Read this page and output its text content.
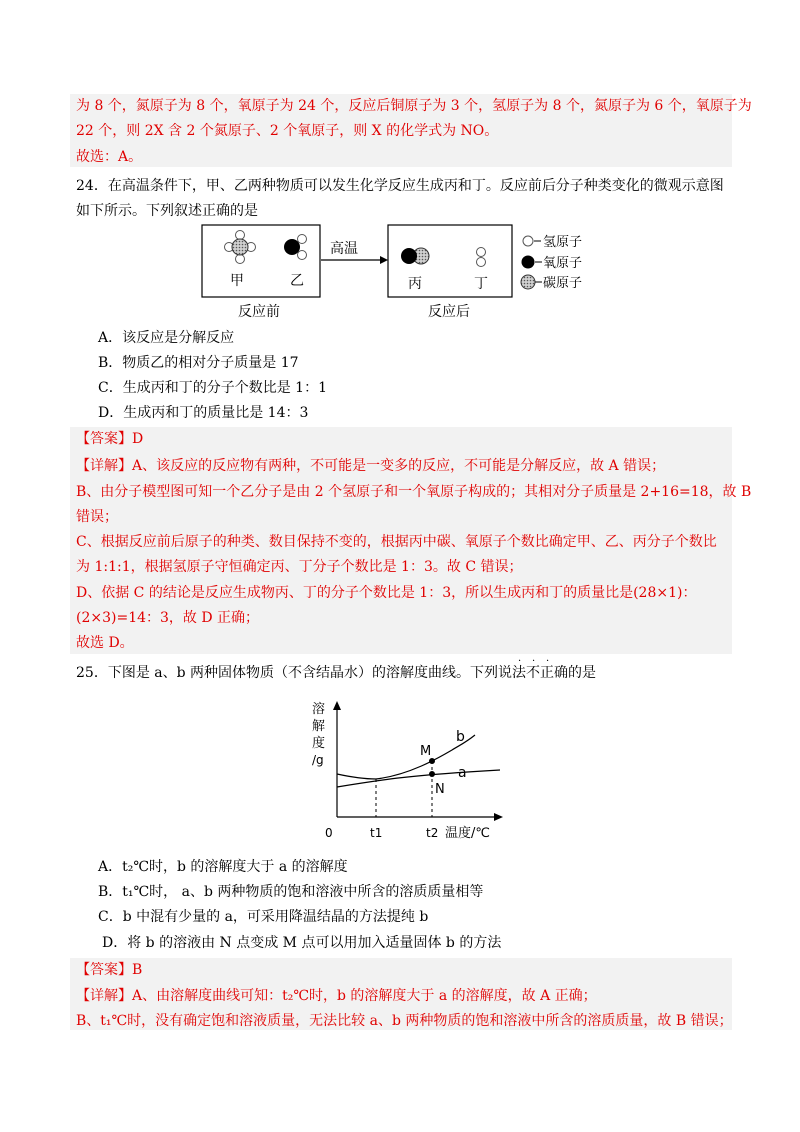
为 8 个，氮原子为 8 个，氧原子为 24 个，反应后铜原子为 3 个，氢原子为 8 个，氮原子为 6 个，氧原子为
22 个，则 2X 含 2 个氮原子、2 个氧原子，则 X 的化学式为 NO。
故选：A。
24．在高温条件下，甲、乙两种物质可以发生化学反应生成丙和丁。反应前后分子种类变化的微观示意图
如下所示。下列叙述正确的是
甲	乙
反应前
高温
丙	丁
反应后
氢原子
氧原子
碳原子
A．该反应是分解反应
B．物质乙的相对分子质量是 17
C．生成丙和丁的分子个数比是 1：1
D．生成丙和丁的质量比是 14：3
【答案】D
【详解】A、该反应的反应物有两种，不可能是一变多的反应，不可能是分解反应，故 A 错误；
B、由分子模型图可知一个乙分子是由 2 个氢原子和一个氧原子构成的；其相对分子质量是 2+16=18，故 B
错误；
C、根据反应前后原子的种类、数目保持不变的，根据丙中碳、氧原子个数比确定甲、乙、丙分子个数比
为 1:1:1，根据氢原子守恒确定丙、丁分子个数比是 1：3。故 C 错误；
D、依据 C 的结论是反应生成物丙、丁的分子个数比是 1：3，所以生成丙和丁的质量比是(28×1)：
(2×3)=14：3，故 D 正确；
故选 D。
· · ·
25．下图是 a、b 两种固体物质（不含结晶水）的溶解度曲线。下列说法不正确的是
溶
解
度
/g
b
a
M
N
0	t1	t2 温度/℃
A．t₂℃时，b 的溶解度大于 a 的溶解度
B．t₁℃时， a、b 两种物质的饱和溶液中所含的溶质质量相等
C．b 中混有少量的 a，可采用降温结晶的方法提纯 b
D．将 b 的溶液由 N 点变成 M 点可以用加入适量固体 b 的方法
【答案】B
【详解】A、由溶解度曲线可知：t₂℃时，b 的溶解度大于 a 的溶解度，故 A 正确；
B、t₁℃时，没有确定饱和溶液质量，无法比较 a、b 两种物质的饱和溶液中所含的溶质质量，故 B 错误；
